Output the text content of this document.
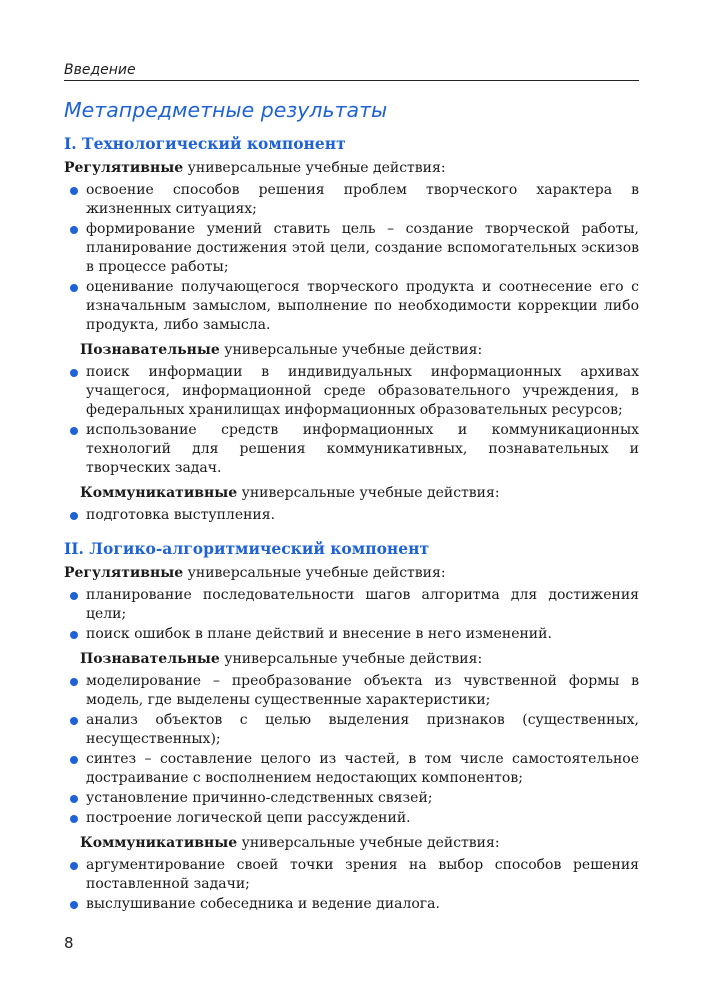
Введение
Метапредметные результаты
I. Технологический компонент

Регулятивные универсальные учебные действия:

освоение способов решения проблем творческого характера в жизненных ситуациях;
формирование умений ставить цель – создание творческой работы, планирование достижения этой цели, создание вспомогательных эскизов в процессе работы;
оценивание получающегося творческого продукта и соотнесение его с изначальным замыслом, выполнение по необходимости коррекции либо продукта, либо замысла.

Познавательные универсальные учебные действия:

поиск информации в индивидуальных информационных архивах учащегося, информационной среде образовательного учреждения, в федеральных хранилищах информационных образовательных ресурсов;
использование средств информационных и коммуникационных технологий для решения коммуникативных, познавательных и творческих задач.

Коммуникативные универсальные учебные действия:

подготовка выступления.
II. Логико-алгоритмический компонент

Регулятивные универсальные учебные действия:

планирование последовательности шагов алгоритма для достижения цели;
поиск ошибок в плане действий и внесение в него изменений.

Познавательные универсальные учебные действия:

моделирование – преобразование объекта из чувственной формы в модель, где выделены существенные характеристики;
анализ объектов с целью выделения признаков (существенных, несущественных);
синтез – составление целого из частей, в том числе самостоятельное достраивание с восполнением недостающих компонентов;
установление причинно-следственных связей;
построение логической цепи рассуждений.

Коммуникативные универсальные учебные действия:

аргументирование своей точки зрения на выбор способов решения поставленной задачи;
выслушивание собеседника и ведение диалога.
8
